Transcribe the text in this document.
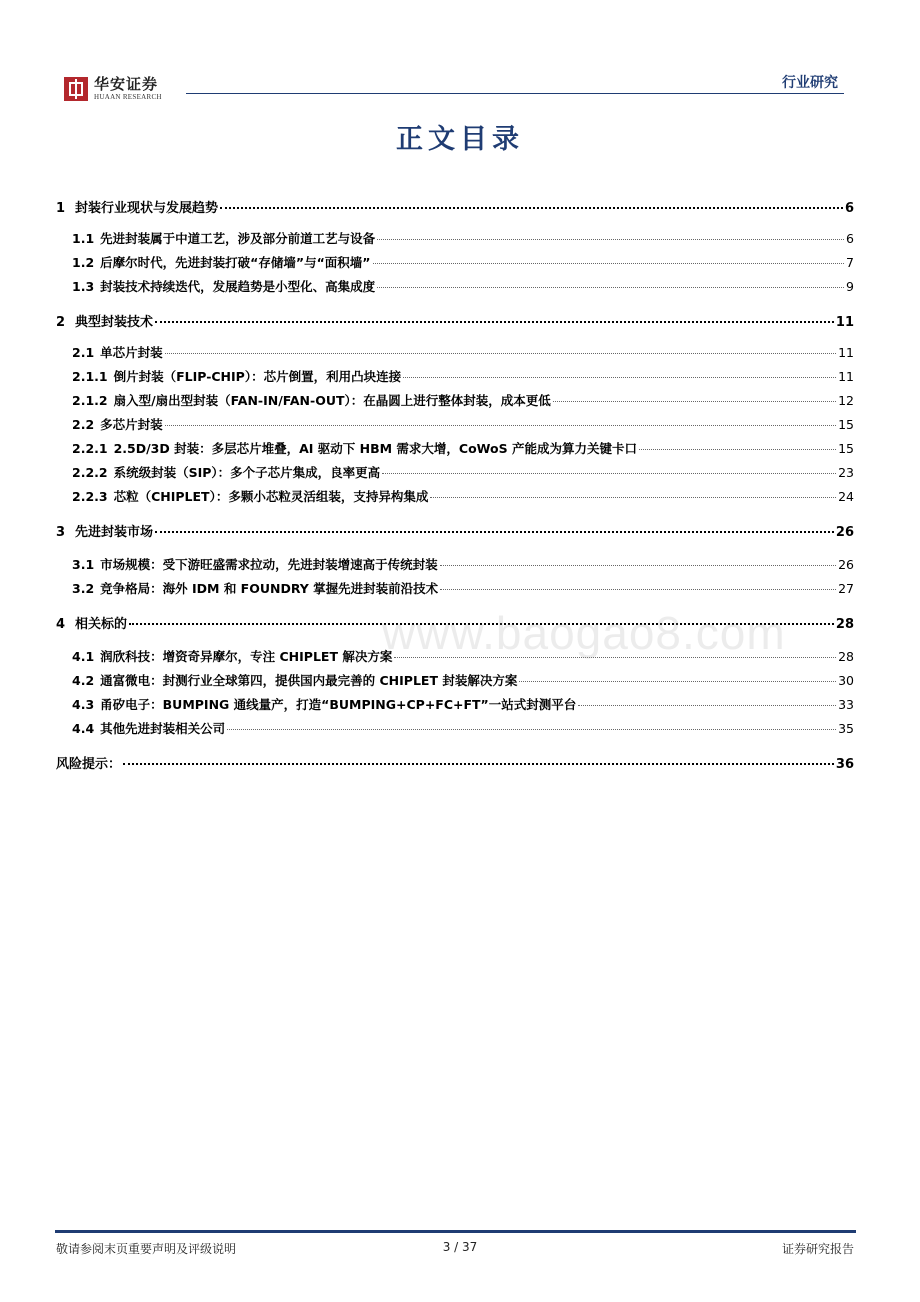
华安证券
HUAAN RESEARCH
行业研究
正文目录
1 封装行业现状与发展趋势	6
1.1 先进封装属于中道工艺，涉及部分前道工艺与设备	6
1.2 后摩尔时代，先进封装打破“存储墙”与“面积墙”	7
1.3 封装技术持续迭代，发展趋势是小型化、高集成度	9
2 典型封装技术	11
2.1 单芯片封装	11
2.1.1 倒片封装（FLIP-CHIP）：芯片倒置，利用凸块连接	11
2.1.2 扇入型/扇出型封装（FAN-IN/FAN-OUT）：在晶圆上进行整体封装，成本更低	12
2.2 多芯片封装	15
2.2.1 2.5D/3D 封装：多层芯片堆叠，AI 驱动下 HBM 需求大增，CoWoS 产能成为算力关键卡口	15
2.2.2 系统级封装（SIP）：多个子芯片集成，良率更高	23
2.2.3 芯粒（CHIPLET）：多颗小芯粒灵活组装，支持异构集成	24
3 先进封装市场	26
3.1 市场规模：受下游旺盛需求拉动，先进封装增速高于传统封装	26
3.2 竞争格局：海外 IDM 和 FOUNDRY 掌握先进封装前沿技术	27
4 相关标的	28
4.1 润欣科技：增资奇异摩尔，专注 CHIPLET 解决方案	28
4.2 通富微电：封测行业全球第四，提供国内最完善的 CHIPLET 封装解决方案	30
4.3 甬矽电子：BUMPING 通线量产，打造“BUMPING+CP+FC+FT”一站式封测平台	33
4.4 其他先进封装相关公司	35
风险提示：	36
www.baogao8.com
敬请参阅末页重要声明及评级说明	3 / 37	证券研究报告
